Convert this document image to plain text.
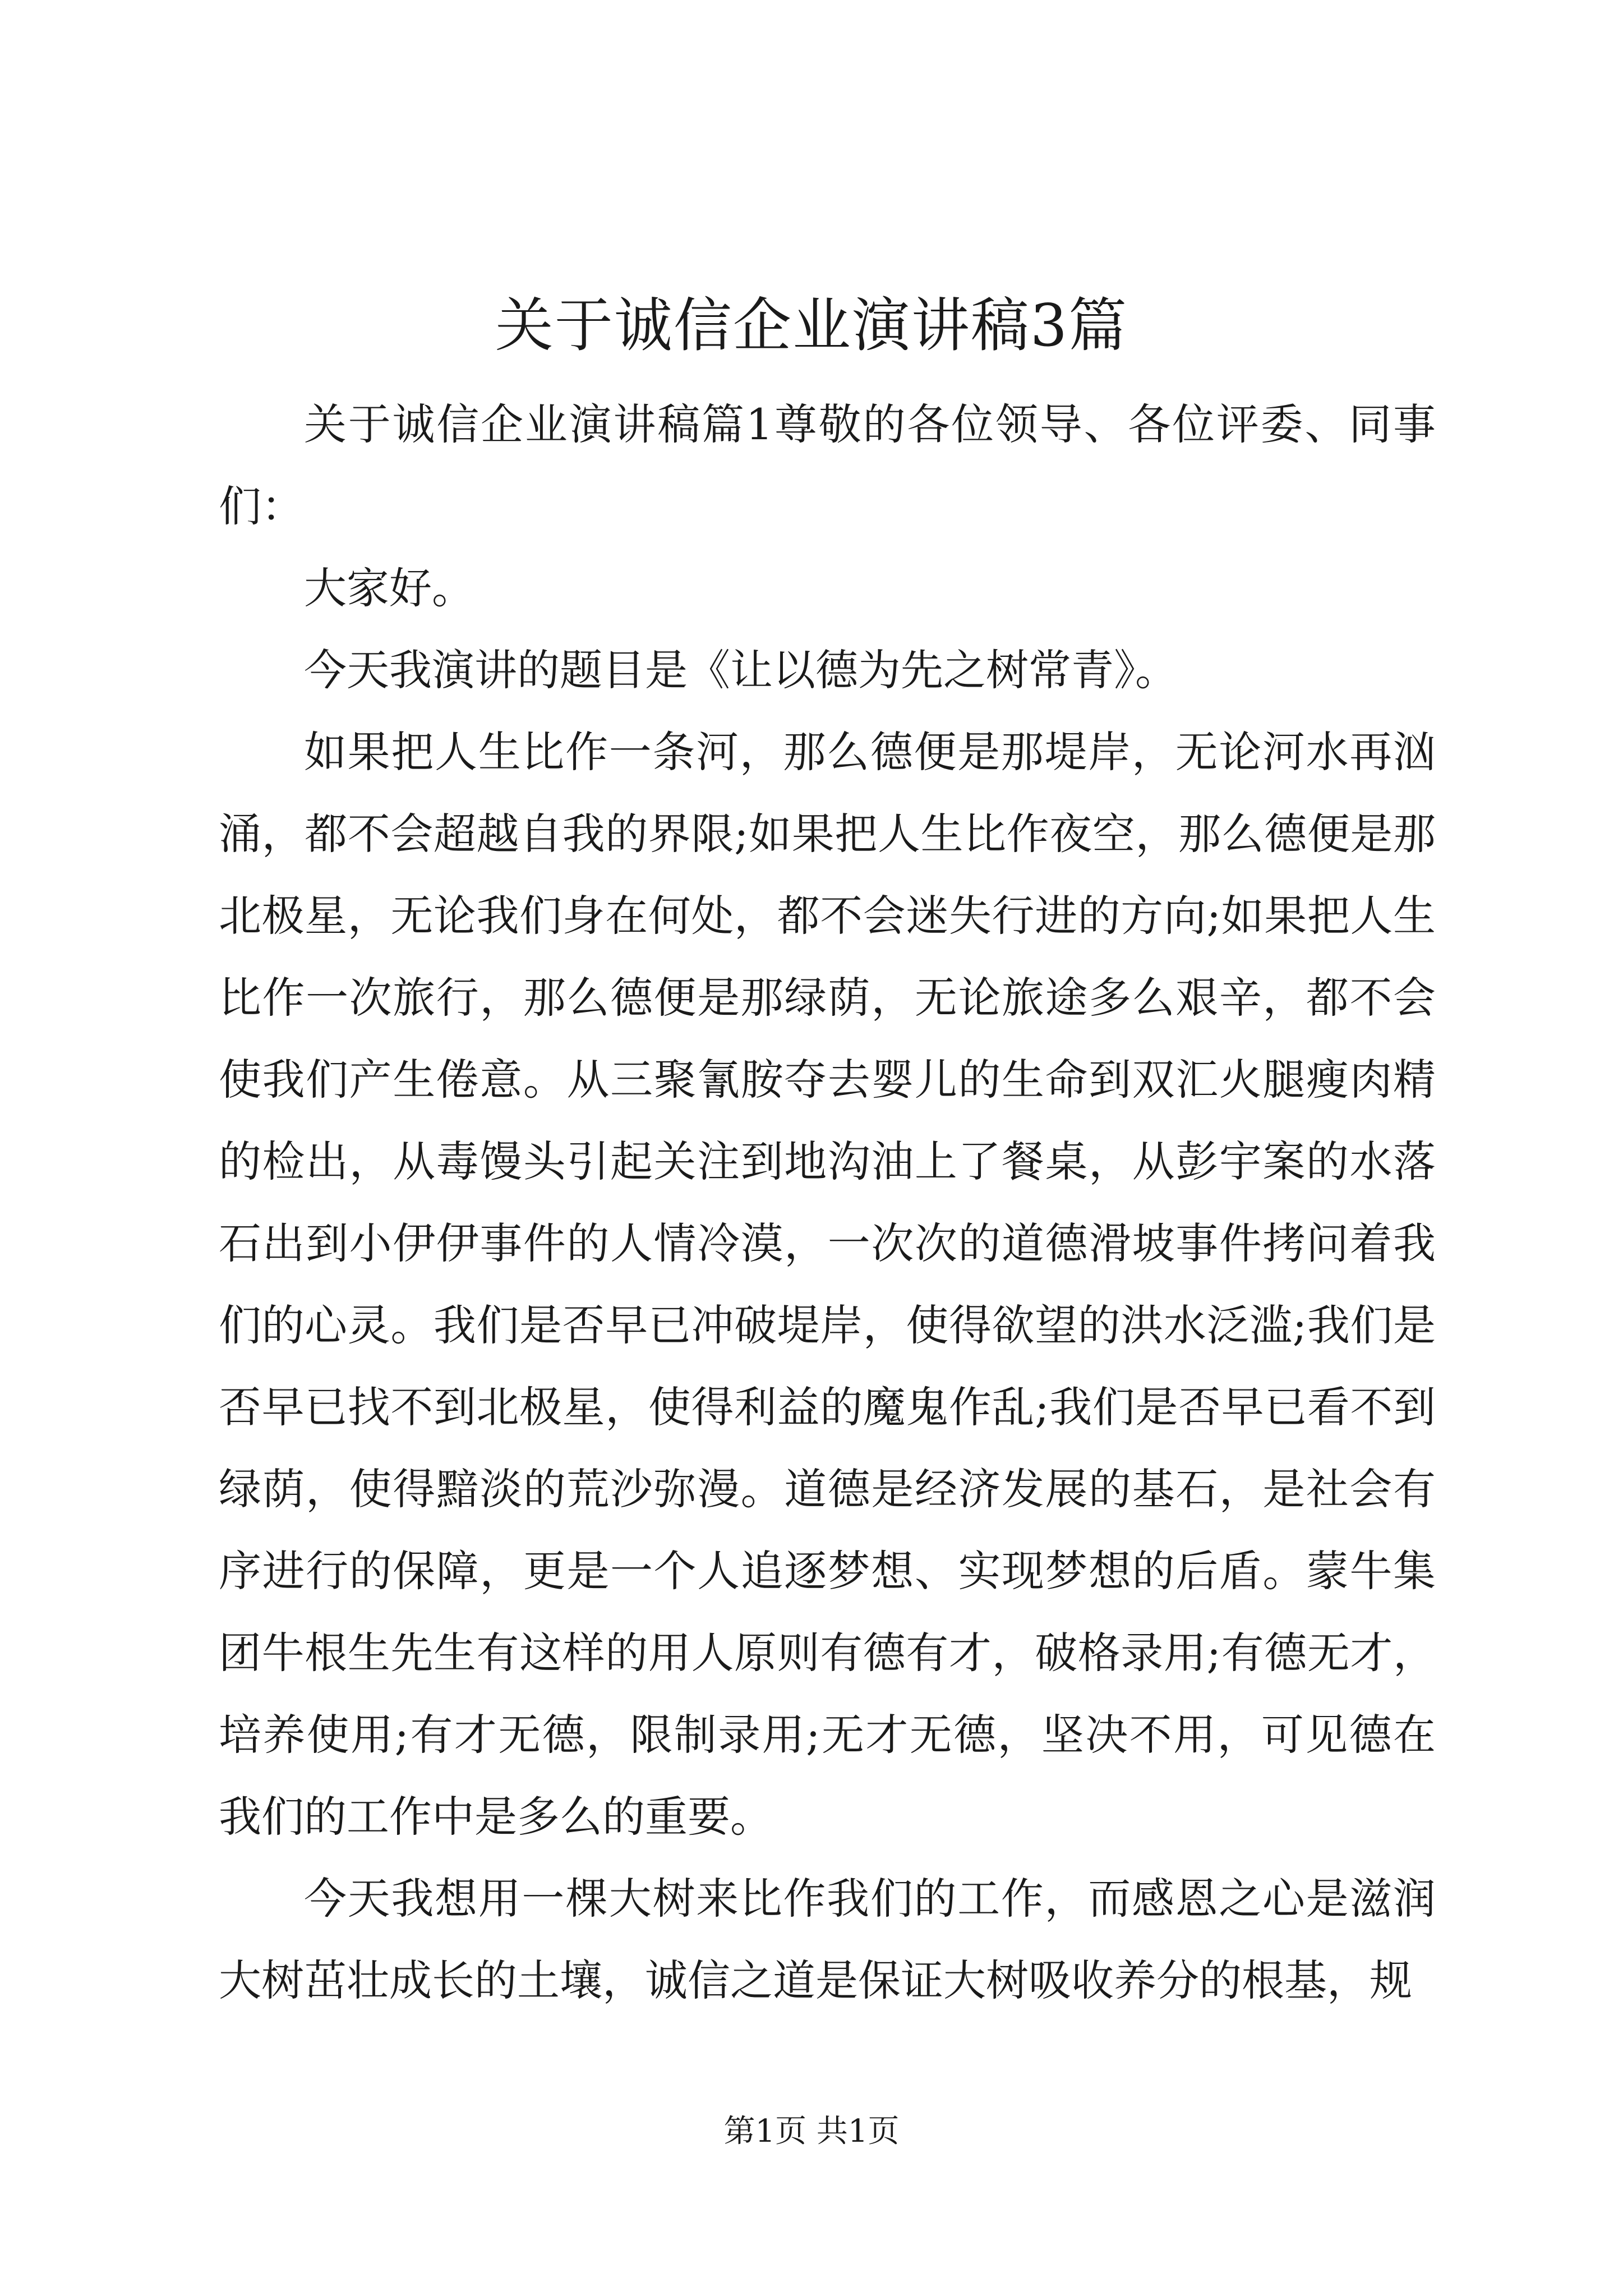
关于诚信企业演讲稿3篇

关于诚信企业演讲稿篇1尊敬的各位领导、各位评委、同事们：

大家好。

今天我演讲的题目是《让以德为先之树常青》。

如果把人生比作一条河，那么德便是那堤岸，无论河水再汹涌，都不会超越自我的界限;如果把人生比作夜空，那么德便是那北极星，无论我们身在何处，都不会迷失行进的方向;如果把人生比作一次旅行，那么德便是那绿荫，无论旅途多么艰辛，都不会使我们产生倦意。从三聚氰胺夺去婴儿的生命到双汇火腿瘦肉精的检出，从毒馒头引起关注到地沟油上了餐桌，从彭宇案的水落石出到小伊伊事件的人情冷漠，一次次的道德滑坡事件拷问着我们的心灵。我们是否早已冲破堤岸，使得欲望的洪水泛滥;我们是否早已找不到北极星，使得利益的魔鬼作乱;我们是否早已看不到绿荫，使得黯淡的荒沙弥漫。道德是经济发展的基石，是社会有序进行的保障，更是一个人追逐梦想、实现梦想的后盾。蒙牛集团牛根生先生有这样的用人原则有德有才，破格录用;有德无才，培养使用;有才无德，限制录用;无才无德，坚决不用，可见德在我们的工作中是多么的重要。

今天我想用一棵大树来比作我们的工作，而感恩之心是滋润大树茁壮成长的土壤，诚信之道是保证大树吸收养分的根基，规

第1页 共1页
